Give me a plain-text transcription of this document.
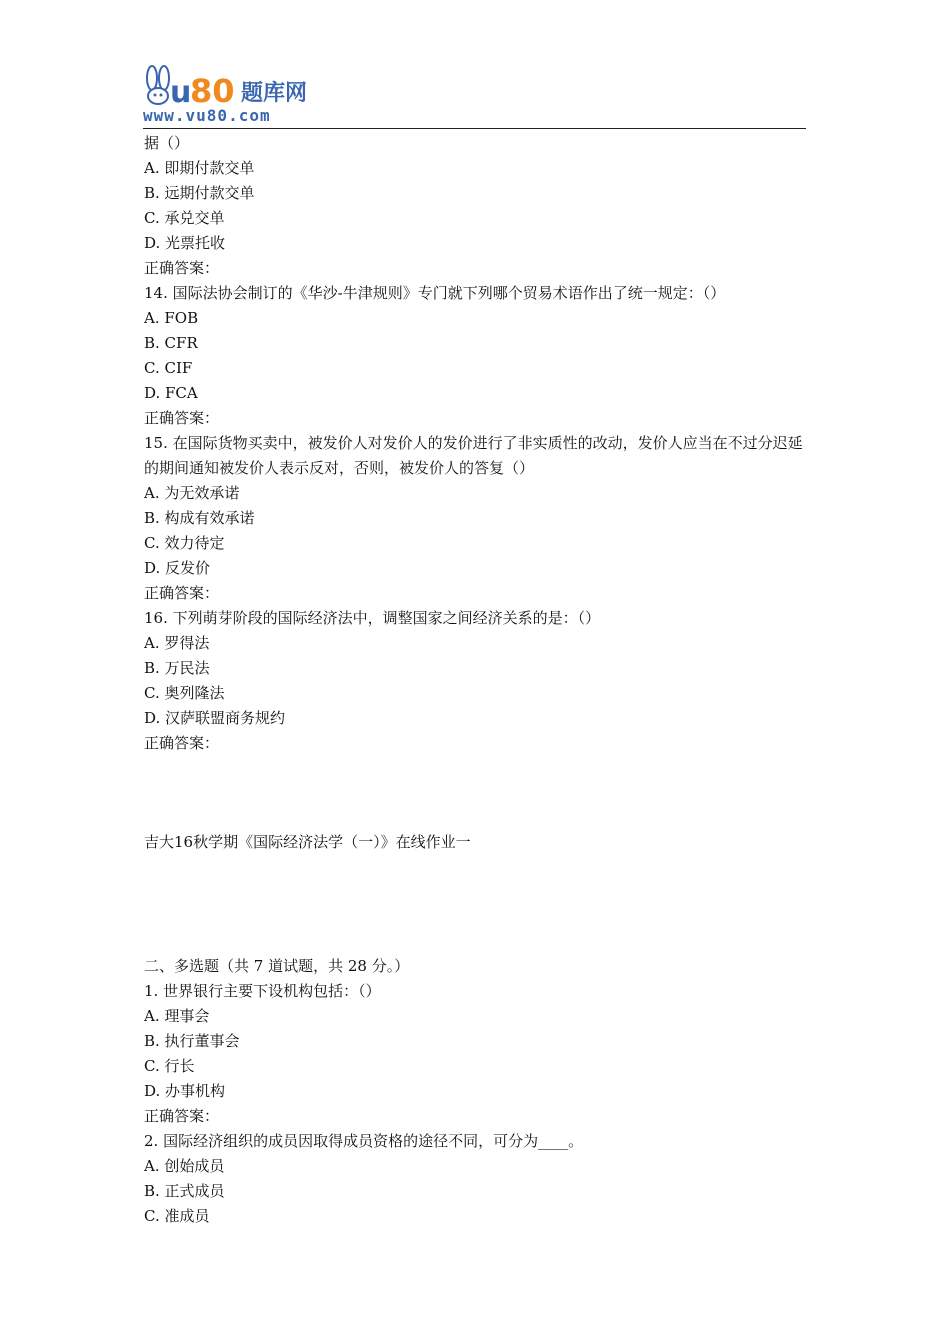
u
80 题库网
www.vu80.com
据（）
A. 即期付款交单
B. 远期付款交单
C. 承兑交单
D. 光票托收
正确答案：
14. 国际法协会制订的《华沙-牛津规则》专门就下列哪个贸易术语作出了统一规定：（）
A. FOB
B. CFR
C. CIF
D. FCA
正确答案：
15. 在国际货物买卖中，被发价人对发价人的发价进行了非实质性的改动，发价人应当在不过分迟延的期间通知被发价人表示反对，否则，被发价人的答复（）
A. 为无效承诺
B. 构成有效承诺
C. 效力待定
D. 反发价
正确答案：
16. 下列萌芽阶段的国际经济法中，调整国家之间经济关系的是：（）
A. 罗得法
B. 万民法
C. 奥列隆法
D. 汉萨联盟商务规约
正确答案：
吉大16秋学期《国际经济法学（一）》在线作业一
二、多选题（共 7 道试题，共 28 分。）
1. 世界银行主要下设机构包括：（）
A. 理事会
B. 执行董事会
C. 行长
D. 办事机构
正确答案：
2. 国际经济组织的成员因取得成员资格的途径不同，可分为____。
A. 创始成员
B. 正式成员
C. 准成员
